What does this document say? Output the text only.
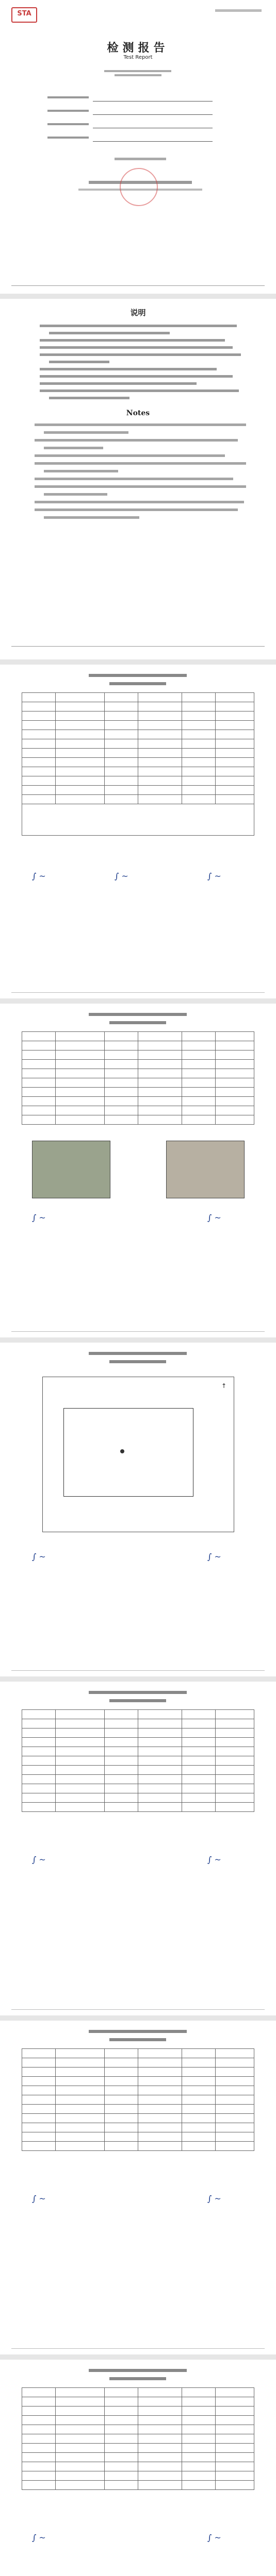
STA
检测报告
Test Report
说明
Notes

∫ ~	∫ ~	∫ ~

∫ ~	∫ ~
↑
∫ ~	∫ ~

∫ ~	∫ ~

∫ ~	∫ ~

∫ ~	∫ ~
